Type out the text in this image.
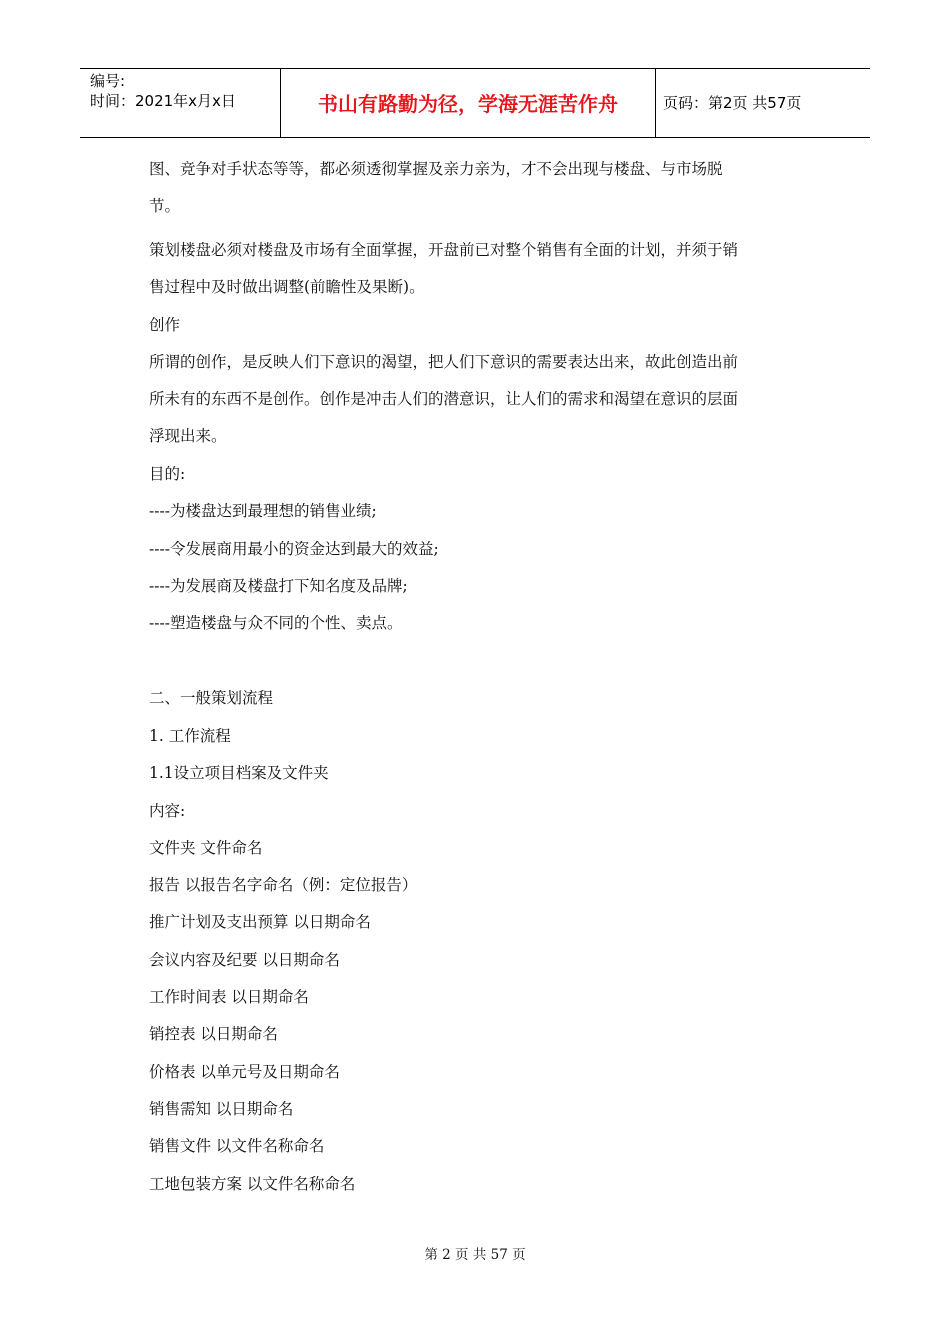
编号:
时间：2021年x月x日	书山有路勤为径，学海无涯苦作舟	页码：第2页 共57页
图、竞争对手状态等等，都必须透彻掌握及亲力亲为，才不会出现与楼盘、与市场脱
节。
策划楼盘必须对楼盘及市场有全面掌握，开盘前已对整个销售有全面的计划，并须于销
售过程中及时做出调整(前瞻性及果断)。
创作
所谓的创作，是反映人们下意识的渴望，把人们下意识的需要表达出来，故此创造出前
所未有的东西不是创作。创作是冲击人们的潜意识，让人们的需求和渴望在意识的层面
浮现出来。
目的:
----为楼盘达到最理想的销售业绩;
----令发展商用最小的资金达到最大的效益;
----为发展商及楼盘打下知名度及品牌;
----塑造楼盘与众不同的个性、卖点。
二、一般策划流程
1. 工作流程
1.1设立项目档案及文件夹
内容:
文件夹 文件命名
报告 以报告名字命名（例：定位报告）
推广计划及支出预算 以日期命名
会议内容及纪要 以日期命名
工作时间表 以日期命名
销控表 以日期命名
价格表 以单元号及日期命名
销售需知 以日期命名
销售文件 以文件名称命名
工地包装方案 以文件名称命名
第 2 页 共 57 页
